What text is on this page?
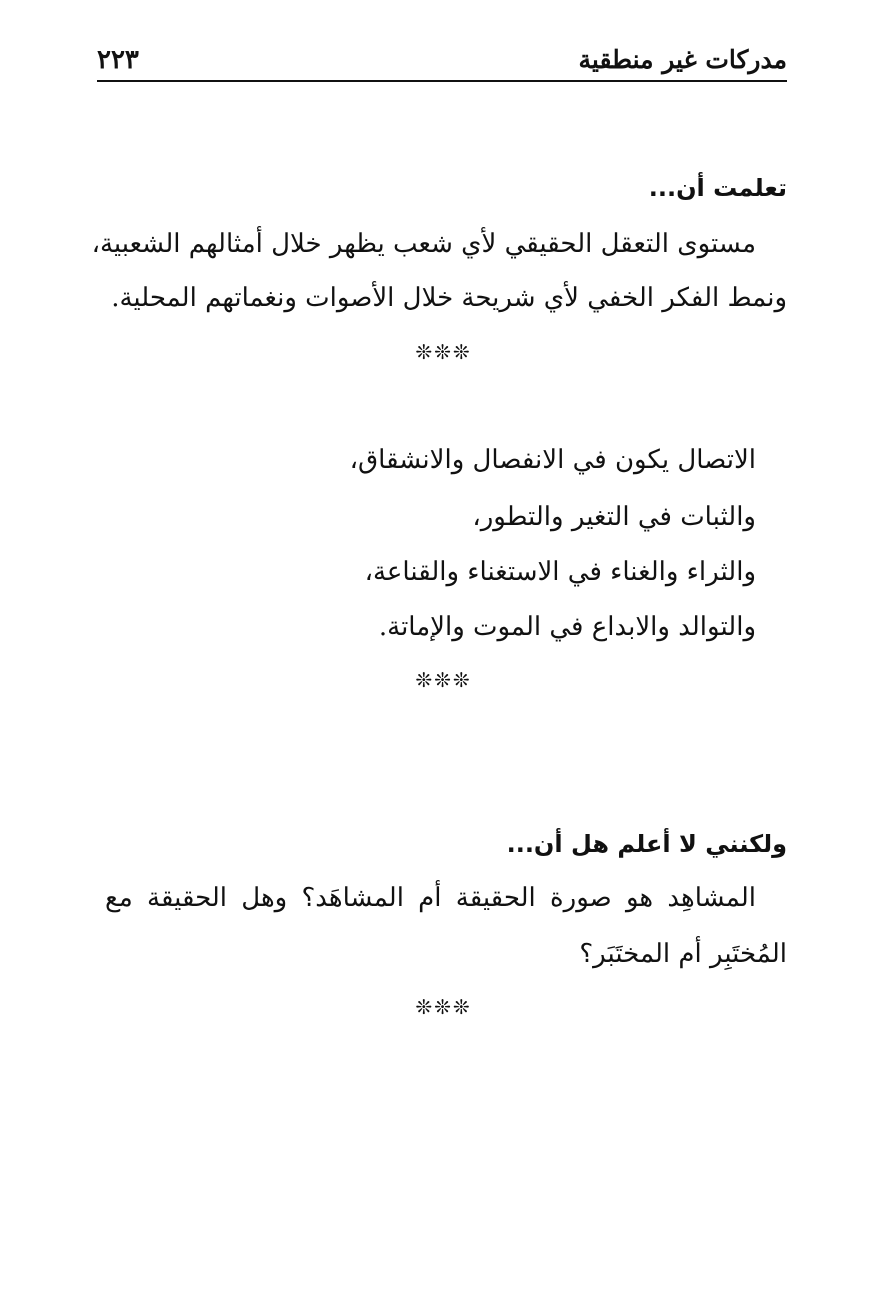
مدركات غير منطقية
٢٢٣
تعلمت أن...
مستوى التعقل الحقيقي لأي شعب يظهر خلال أمثالهم الشعبية،
ونمط الفكر الخفي لأي شريحة خلال الأصوات ونغماتهم المحلية.
❊❊❊
الاتصال يكون في الانفصال والانشقاق،
والثبات في التغير والتطور،
والثراء والغناء في الاستغناء والقناعة،
والتوالد والابداع في الموت والإماتة.
❊❊❊
ولكنني لا أعلم هل أن...
المشاهِد هو صورة الحقيقة أم المشاهَد؟ وهل الحقيقة مع
المُختَبِر أم المختَبَر؟
❊❊❊
